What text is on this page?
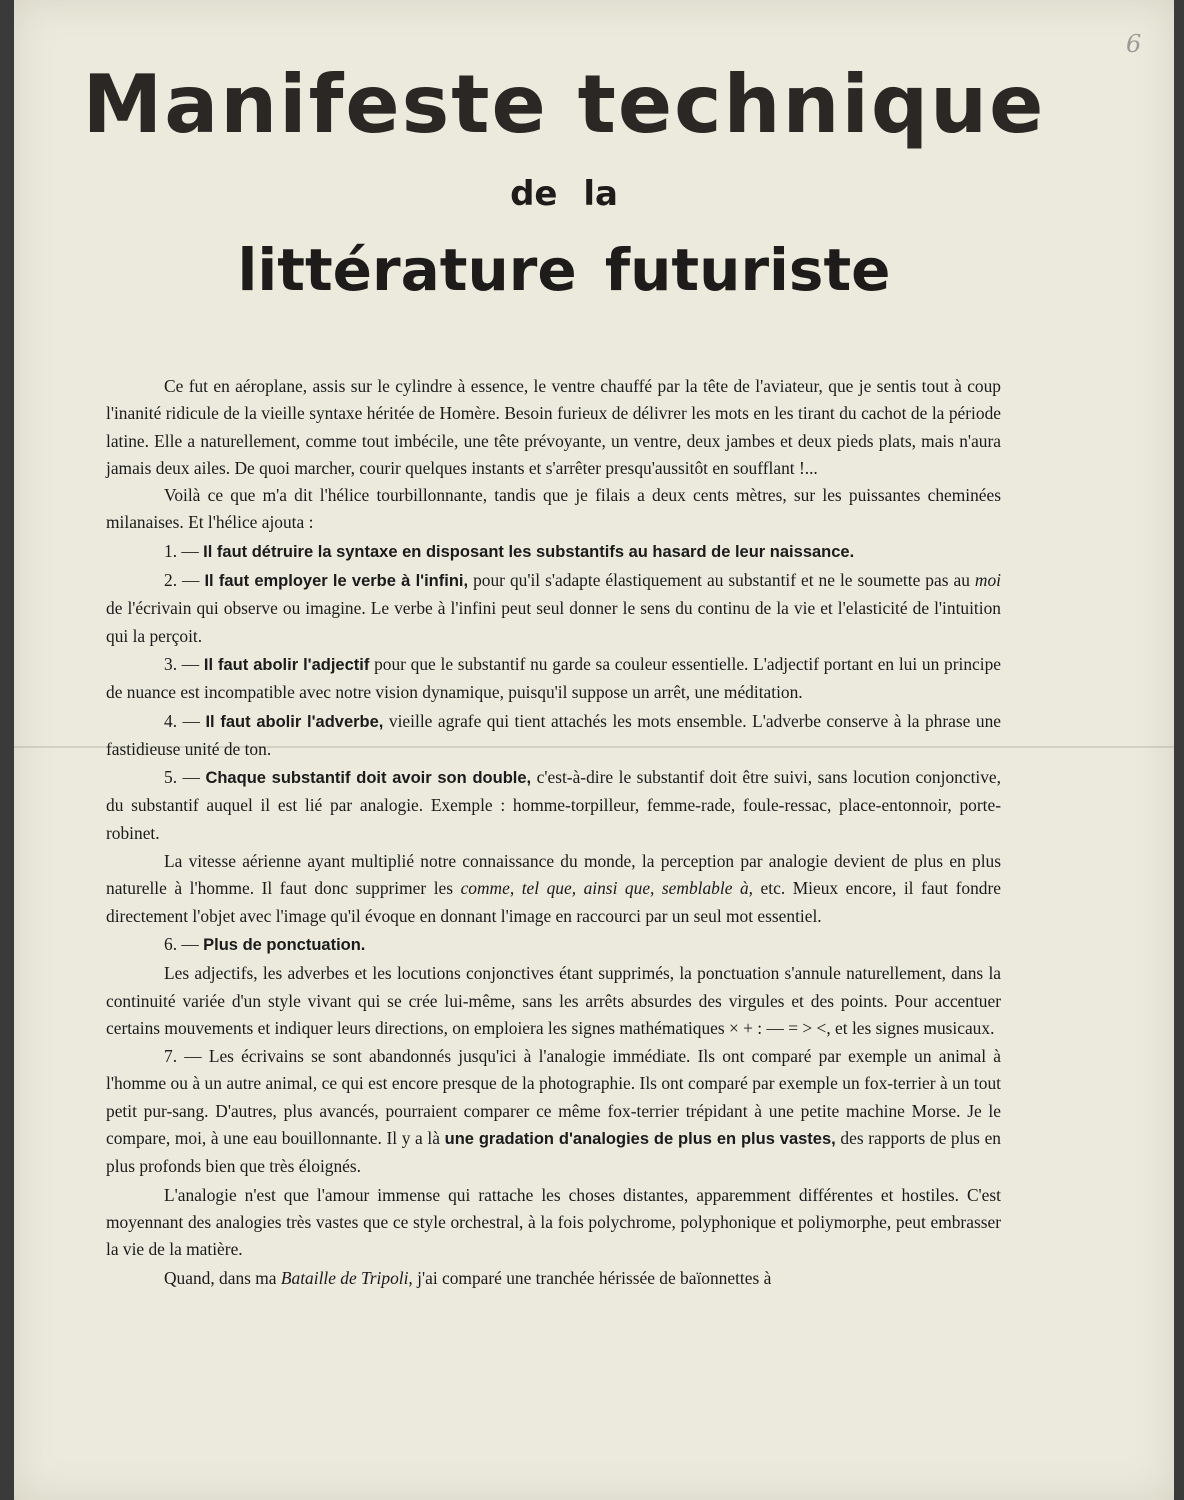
6
Manifeste technique
de la
littérature futuriste

Ce fut en aéroplane, assis sur le cylindre à essence, le ventre chauffé par la tête de l'aviateur, que je sentis tout à coup l'inanité ridicule de la vieille syntaxe héritée de Homère. Besoin furieux de délivrer les mots en les tirant du cachot de la période latine. Elle a naturellement, comme tout imbécile, une tête prévoyante, un ventre, deux jambes et deux pieds plats, mais n'aura jamais deux ailes. De quoi marcher, courir quelques instants et s'arrêter presqu'aussitôt en soufflant !...

Voilà ce que m'a dit l'hélice tourbillonnante, tandis que je filais a deux cents mètres, sur les puissantes cheminées milanaises. Et l'hélice ajouta :

1. — Il faut détruire la syntaxe en disposant les substantifs au hasard de leur naissance.

2. — Il faut employer le verbe à l'infini, pour qu'il s'adapte élastiquement au substantif et ne le soumette pas au moi de l'écrivain qui observe ou imagine. Le verbe à l'infini peut seul donner le sens du continu de la vie et l'elasticité de l'intuition qui la perçoit.

3. — Il faut abolir l'adjectif pour que le substantif nu garde sa couleur essentielle. L'adjectif portant en lui un principe de nuance est incompatible avec notre vision dynamique, puisqu'il suppose un arrêt, une méditation.

4. — Il faut abolir l'adverbe, vieille agrafe qui tient attachés les mots ensemble. L'adverbe conserve à la phrase une fastidieuse unité de ton.

5. — Chaque substantif doit avoir son double, c'est-à-dire le substantif doit être suivi, sans locution conjonctive, du substantif auquel il est lié par analogie. Exemple : homme-torpilleur, femme-rade, foule-ressac, place-entonnoir, porte-robinet.

La vitesse aérienne ayant multiplié notre connaissance du monde, la perception par analogie devient de plus en plus naturelle à l'homme. Il faut donc supprimer les comme, tel que, ainsi que, semblable à, etc. Mieux encore, il faut fondre directement l'objet avec l'image qu'il évoque en donnant l'image en raccourci par un seul mot essentiel.

6. — Plus de ponctuation.

Les adjectifs, les adverbes et les locutions conjonctives étant supprimés, la ponctuation s'annule naturellement, dans la continuité variée d'un style vivant qui se crée lui-même, sans les arrêts absurdes des virgules et des points. Pour accentuer certains mouvements et indiquer leurs directions, on emploiera les signes mathématiques × + : — = > <, et les signes musicaux.

7. — Les écrivains se sont abandonnés jusqu'ici à l'analogie immédiate. Ils ont comparé par exemple un animal à l'homme ou à un autre animal, ce qui est encore presque de la photographie. Ils ont comparé par exemple un fox-terrier à un tout petit pur-sang. D'autres, plus avancés, pourraient comparer ce même fox-terrier trépidant à une petite machine Morse. Je le compare, moi, à une eau bouillonnante. Il y a là une gradation d'analogies de plus en plus vastes, des rapports de plus en plus profonds bien que très éloignés.

L'analogie n'est que l'amour immense qui rattache les choses distantes, apparemment différentes et hostiles. C'est moyennant des analogies très vastes que ce style orchestral, à la fois polychrome, polyphonique et poliymorphe, peut embrasser la vie de la matière.

Quand, dans ma Bataille de Tripoli, j'ai comparé une tranchée hérissée de baïonnettes à
